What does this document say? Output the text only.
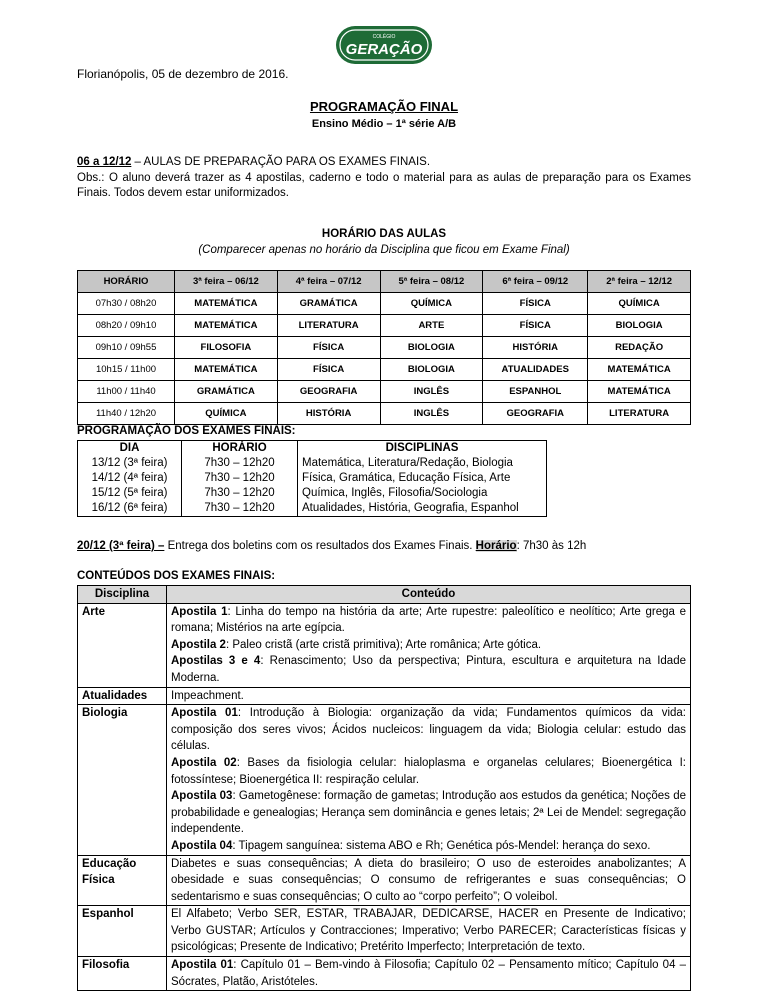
COLÉGIO
GERAÇÃO
Florianópolis, 05 de dezembro de 2016.
PROGRAMAÇÃO FINAL
Ensino Médio – 1ª série A/B

06 a 12/12 – AULAS DE PREPARAÇÃO PARA OS EXAMES FINAIS.

Obs.: O aluno deverá trazer as 4 apostilas, caderno e todo o material para as aulas de preparação para os Exames Finais. Todos devem estar uniformizados.

HORÁRIO DAS AULAS
(Comparecer apenas no horário da Disciplina que ficou em Exame Final)
HORÁRIO	3ª feira – 06/12	4ª feira – 07/12	5ª feira – 08/12	6ª feira – 09/12	2ª feira – 12/12
07h30 / 08h20	MATEMÁTICA	GRAMÁTICA	QUÍMICA	FÍSICA	QUÍMICA
08h20 / 09h10	MATEMÁTICA	LITERATURA	ARTE	FÍSICA	BIOLOGIA
09h10 / 09h55	FILOSOFIA	FÍSICA	BIOLOGIA	HISTÓRIA	REDAÇÃO
10h15 / 11h00	MATEMÁTICA	FÍSICA	BIOLOGIA	ATUALIDADES	MATEMÁTICA
11h00 / 11h40	GRAMÁTICA	GEOGRAFIA	INGLÊS	ESPANHOL	MATEMÁTICA
11h40 / 12h20	QUÍMICA	HISTÓRIA	INGLÊS	GEOGRAFIA	LITERATURA
PROGRAMAÇÃO DOS EXAMES FINAIS:
DIA	HORÁRIO	DISCIPLINAS
13/12 (3ª feira)	7h30 – 12h20	Matemática, Literatura/Redação, Biologia
14/12 (4ª feira)	7h30 – 12h20	Física, Gramática, Educação Física, Arte
15/12 (5ª feira)	7h30 – 12h20	Química, Inglês, Filosofia/Sociologia
16/12 (6ª feira)	7h30 – 12h20	Atualidades, História, Geografia, Espanhol
20/12 (3ª feira) – Entrega dos boletins com os resultados dos Exames Finais. Horário: 7h30 às 12h
CONTEÚDOS DOS EXAMES FINAIS:
Disciplina	Conteúdo
Arte	Apostila 1: Linha do tempo na história da arte; Arte rupestre: paleolítico e neolítico; Arte grega e romana; Mistérios na arte egípcia.
Apostila 2: Paleo cristã (arte cristã primitiva); Arte românica; Arte gótica.
Apostilas 3 e 4: Renascimento; Uso da perspectiva; Pintura, escultura e arquitetura na Idade Moderna.

Atualidades	Impeachment.
Biologia	Apostila 01: Introdução à Biologia: organização da vida; Fundamentos químicos da vida: composição dos seres vivos; Ácidos nucleicos: linguagem da vida; Biologia celular: estudo das células.
Apostila 02: Bases da fisiologia celular: hialoplasma e organelas celulares; Bioenergética I: fotossíntese; Bioenergética II: respiração celular.
Apostila 03: Gametogênese: formação de gametas; Introdução aos estudos da genética; Noções de probabilidade e genealogias; Herança sem dominância e genes letais; 2ª Lei de Mendel: segregação independente.
Apostila 04: Tipagem sanguínea: sistema ABO e Rh; Genética pós-Mendel: herança do sexo.

Educação Física	Diabetes e suas consequências; A dieta do brasileiro; O uso de esteroides anabolizantes; A obesidade e suas consequências; O consumo de refrigerantes e suas consequências; O sedentarismo e suas consequências; O culto ao “corpo perfeito”; O voleibol.
Espanhol	El Alfabeto; Verbo SER, ESTAR, TRABAJAR, DEDICARSE, HACER en Presente de Indicativo; Verbo GUSTAR; Artículos y Contracciones; Imperativo; Verbo PARECER; Características físicas y psicológicas; Presente de Indicativo; Pretérito Imperfecto; Interpretación de texto.
Filosofia	Apostila 01: Capítulo 01 – Bem-vindo à Filosofia; Capítulo 02 – Pensamento mítico; Capítulo 04 – Sócrates, Platão, Aristóteles.
